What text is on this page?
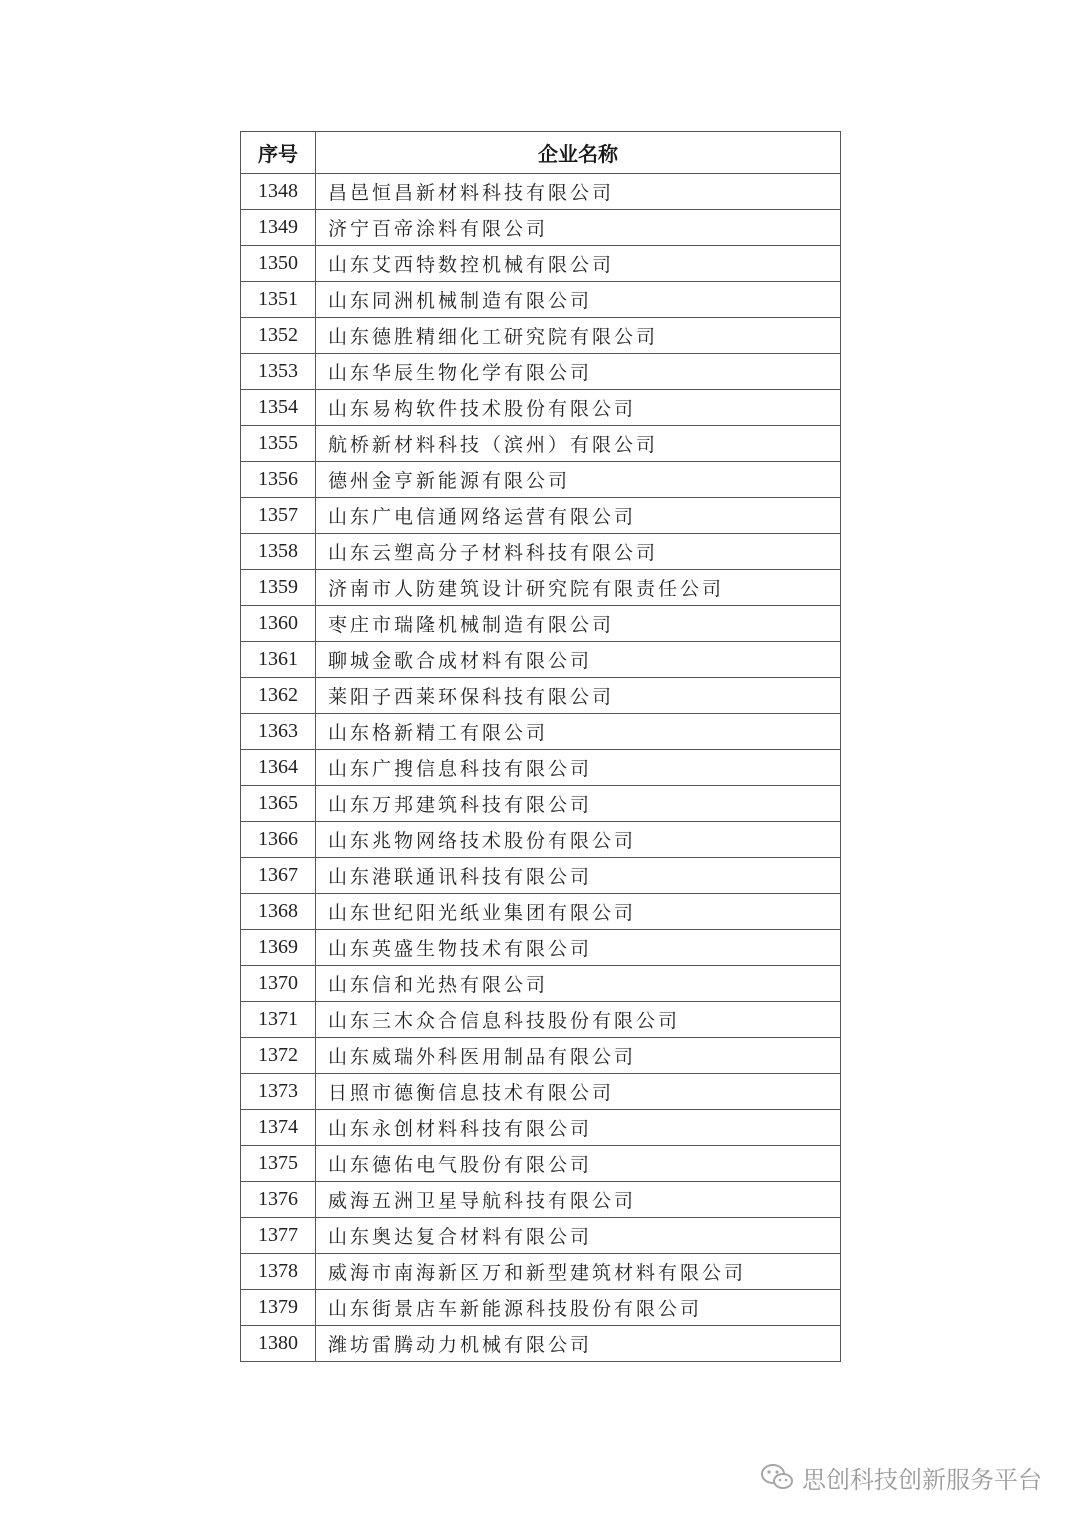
序号	企业名称
1348	昌邑恒昌新材料科技有限公司
1349	济宁百帝涂料有限公司
1350	山东艾西特数控机械有限公司
1351	山东同洲机械制造有限公司
1352	山东德胜精细化工研究院有限公司
1353	山东华辰生物化学有限公司
1354	山东易构软件技术股份有限公司
1355	航桥新材料科技（滨州）有限公司
1356	德州金亨新能源有限公司
1357	山东广电信通网络运营有限公司
1358	山东云塑高分子材料科技有限公司
1359	济南市人防建筑设计研究院有限责任公司
1360	枣庄市瑞隆机械制造有限公司
1361	聊城金歌合成材料有限公司
1362	莱阳子西莱环保科技有限公司
1363	山东格新精工有限公司
1364	山东广搜信息科技有限公司
1365	山东万邦建筑科技有限公司
1366	山东兆物网络技术股份有限公司
1367	山东港联通讯科技有限公司
1368	山东世纪阳光纸业集团有限公司
1369	山东英盛生物技术有限公司
1370	山东信和光热有限公司
1371	山东三木众合信息科技股份有限公司
1372	山东威瑞外科医用制品有限公司
1373	日照市德衡信息技术有限公司
1374	山东永创材料科技有限公司
1375	山东德佑电气股份有限公司
1376	威海五洲卫星导航科技有限公司
1377	山东奥达复合材料有限公司
1378	威海市南海新区万和新型建筑材料有限公司
1379	山东街景店车新能源科技股份有限公司
1380	潍坊雷腾动力机械有限公司
思创科技创新服务平台
